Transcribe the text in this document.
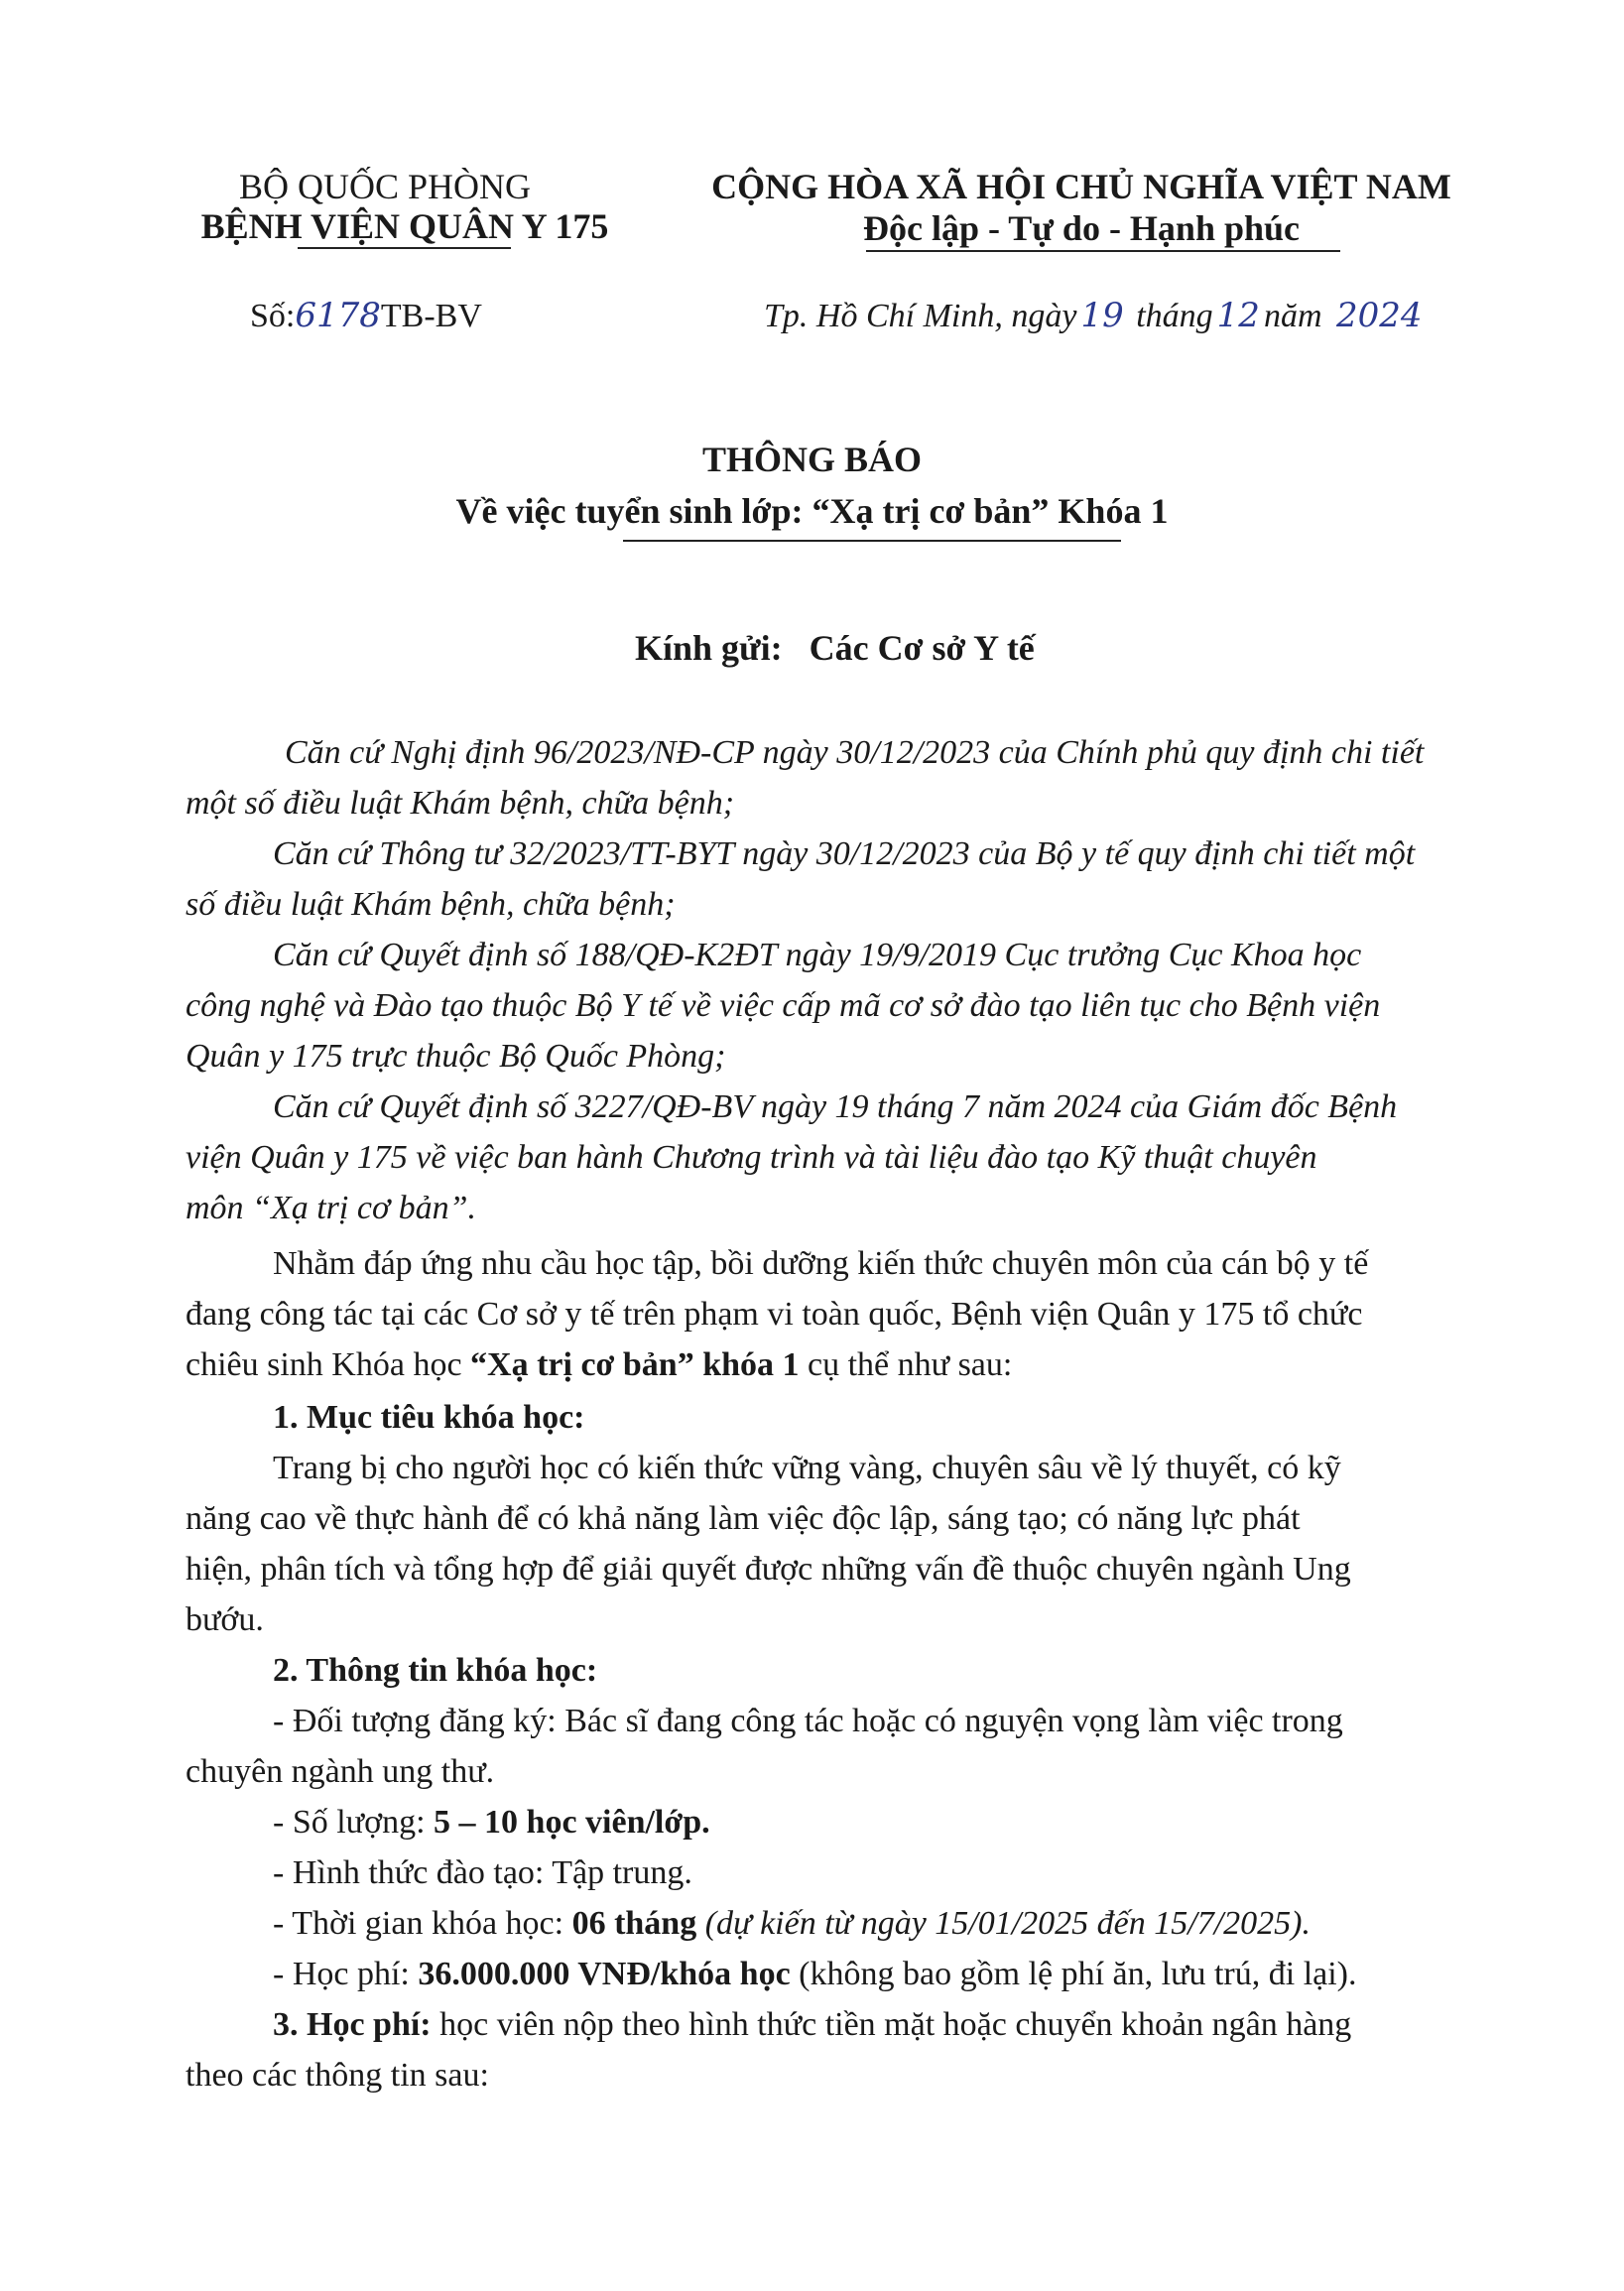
BỘ QUỐC PHÒNG
BỆNH VIỆN QUÂN Y 175
CỘNG HÒA XÃ HỘI CHỦ NGHĨA VIỆT NAM
Độc lập - Tự do - Hạnh phúc
Số:6178TB-BV	Tp. Hồ Chí Minh, ngày 19 tháng 12 năm 2024
THÔNG BÁO
Về việc tuyển sinh lớp: “Xạ trị cơ bản” Khóa 1
Kính gửi: Các Cơ sở Y tế
Căn cứ Nghị định 96/2023/NĐ-CP ngày 30/12/2023 của Chính phủ quy định chi tiết
một số điều luật Khám bệnh, chữa bệnh;
Căn cứ Thông tư 32/2023/TT-BYT ngày 30/12/2023 của Bộ y tế quy định chi tiết một
số điều luật Khám bệnh, chữa bệnh;
Căn cứ Quyết định số 188/QĐ-K2ĐT ngày 19/9/2019 Cục trưởng Cục Khoa học
công nghệ và Đào tạo thuộc Bộ Y tế về việc cấp mã cơ sở đào tạo liên tục cho Bệnh viện
Quân y 175 trực thuộc Bộ Quốc Phòng;
Căn cứ Quyết định số 3227/QĐ-BV ngày 19 tháng 7 năm 2024 của Giám đốc Bệnh
viện Quân y 175 về việc ban hành Chương trình và tài liệu đào tạo Kỹ thuật chuyên
môn “Xạ trị cơ bản”.
Nhằm đáp ứng nhu cầu học tập, bồi dưỡng kiến thức chuyên môn của cán bộ y tế
đang công tác tại các Cơ sở y tế trên phạm vi toàn quốc, Bệnh viện Quân y 175 tổ chức
chiêu sinh Khóa học “Xạ trị cơ bản” khóa 1 cụ thể như sau:
1. Mục tiêu khóa học:
Trang bị cho người học có kiến thức vững vàng, chuyên sâu về lý thuyết, có kỹ
năng cao về thực hành để có khả năng làm việc độc lập, sáng tạo; có năng lực phát
hiện, phân tích và tổng hợp để giải quyết được những vấn đề thuộc chuyên ngành Ung
bướu.
2. Thông tin khóa học:
- Đối tượng đăng ký: Bác sĩ đang công tác hoặc có nguyện vọng làm việc trong
chuyên ngành ung thư.
- Số lượng: 5 – 10 học viên/lớp.
- Hình thức đào tạo: Tập trung.
- Thời gian khóa học: 06 tháng (dự kiến từ ngày 15/01/2025 đến 15/7/2025).
- Học phí: 36.000.000 VNĐ/khóa học (không bao gồm lệ phí ăn, lưu trú, đi lại).
3. Học phí: học viên nộp theo hình thức tiền mặt hoặc chuyển khoản ngân hàng
theo các thông tin sau:
